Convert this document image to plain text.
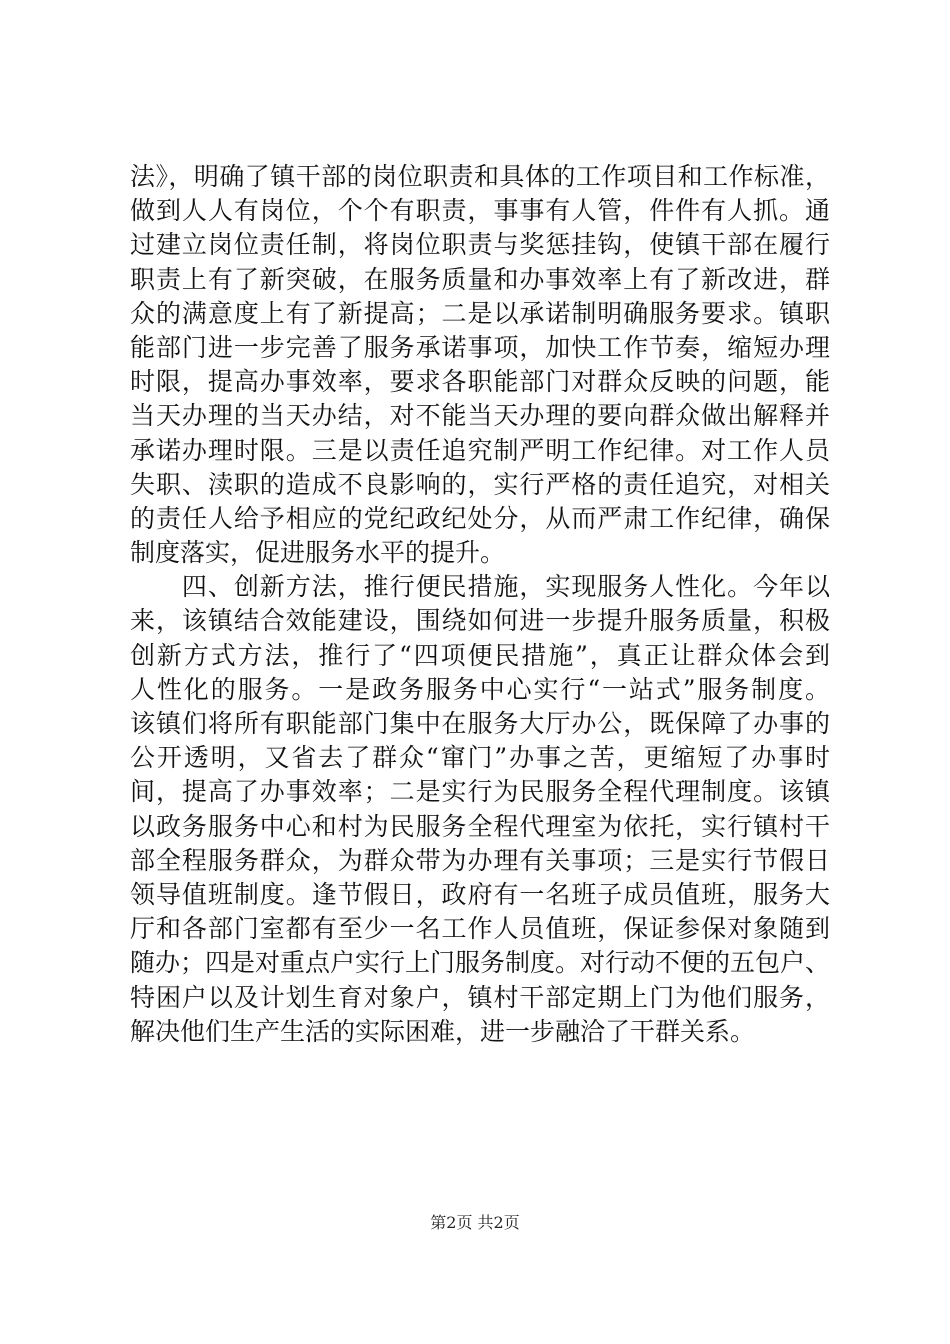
法》，明确了镇干部的岗位职责和具体的工作项目和工作标准，
做到人人有岗位，个个有职责，事事有人管，件件有人抓。通
过建立岗位责任制，将岗位职责与奖惩挂钩，使镇干部在履行
职责上有了新突破，在服务质量和办事效率上有了新改进，群
众的满意度上有了新提高；二是以承诺制明确服务要求。镇职
能部门进一步完善了服务承诺事项，加快工作节奏，缩短办理
时限，提高办事效率，要求各职能部门对群众反映的问题，能
当天办理的当天办结，对不能当天办理的要向群众做出解释并
承诺办理时限。三是以责任追究制严明工作纪律。对工作人员
失职、渎职的造成不良影响的，实行严格的责任追究，对相关
的责任人给予相应的党纪政纪处分，从而严肃工作纪律，确保
制度落实，促进服务水平的提升。
　　四、创新方法，推行便民措施，实现服务人性化。今年以
来，该镇结合效能建设，围绕如何进一步提升服务质量，积极
创新方式方法，推行了“四项便民措施”，真正让群众体会到
人性化的服务。一是政务服务中心实行“一站式”服务制度。
该镇们将所有职能部门集中在服务大厅办公，既保障了办事的
公开透明，又省去了群众“窜门”办事之苦，更缩短了办事时
间，提高了办事效率；二是实行为民服务全程代理制度。该镇
以政务服务中心和村为民服务全程代理室为依托，实行镇村干
部全程服务群众，为群众带为办理有关事项；三是实行节假日
领导值班制度。逢节假日，政府有一名班子成员值班，服务大
厅和各部门室都有至少一名工作人员值班，保证参保对象随到
随办；四是对重点户实行上门服务制度。对行动不便的五包户、
特困户以及计划生育对象户，镇村干部定期上门为他们服务，
解决他们生产生活的实际困难，进一步融洽了干群关系。
第2页 共2页
